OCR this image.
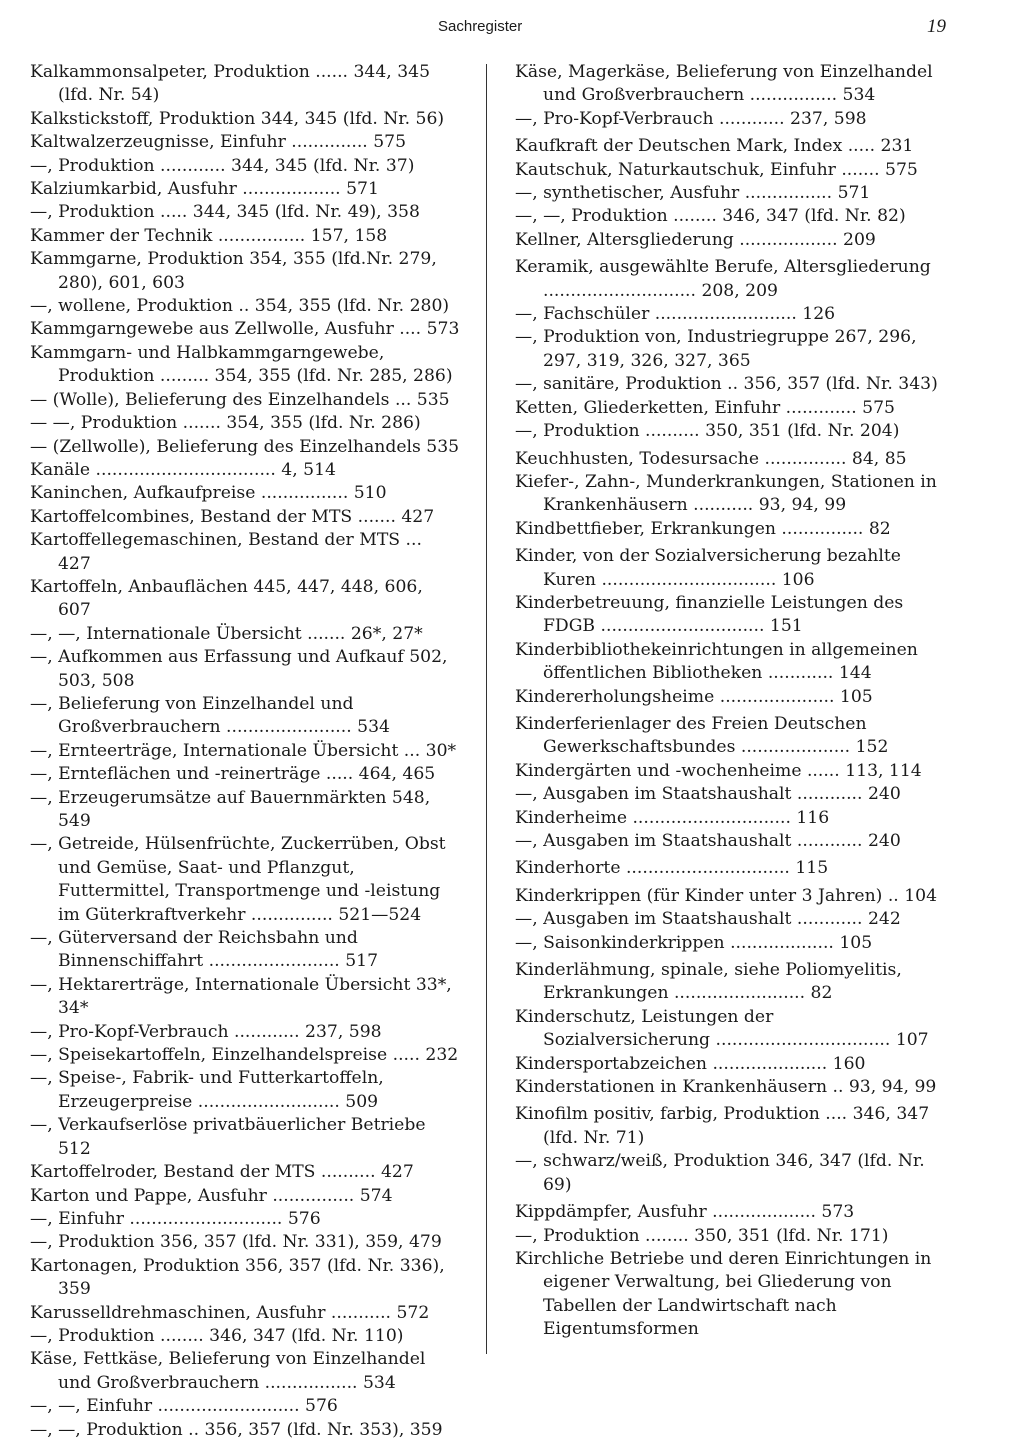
Sachregister	19

Kalkammonsalpeter, Produktion ...... 344, 345 (lfd. Nr. 54)

Kalkstickstoff, Produktion 344, 345 (lfd. Nr. 56)

Kaltwalzerzeugnisse, Einfuhr .............. 575

—, Produktion ............ 344, 345 (lfd. Nr. 37)

Kalziumkarbid, Ausfuhr .................. 571

—, Produktion ..... 344, 345 (lfd. Nr. 49), 358

Kammer der Technik ................ 157, 158

Kammgarne, Produktion 354, 355 (lfd.Nr. 279, 280), 601, 603

—, wollene, Produktion .. 354, 355 (lfd. Nr. 280)

Kammgarngewebe aus Zellwolle, Ausfuhr .... 573

Kammgarn- und Halbkammgarngewebe, Produktion ......... 354, 355 (lfd. Nr. 285, 286)

— (Wolle), Belieferung des Einzelhandels ... 535

— —, Produktion ....... 354, 355 (lfd. Nr. 286)

— (Zellwolle), Belieferung des Einzelhandels 535

Kanäle ................................. 4, 514

Kaninchen, Aufkaufpreise ................ 510

Kartoffelcombines, Bestand der MTS ....... 427

Kartoffellegemaschinen, Bestand der MTS ... 427

Kartoffeln, Anbauflächen 445, 447, 448, 606, 607

—, —, Internationale Übersicht ....... 26*, 27*

—, Aufkommen aus Erfassung und Aufkauf 502, 503, 508

—, Belieferung von Einzelhandel und Großverbrauchern ....................... 534

—, Ernteerträge, Internationale Übersicht ... 30*

—, Ernteflächen und -reinerträge ..... 464, 465

—, Erzeugerumsätze auf Bauernmärkten 548, 549

—, Getreide, Hülsenfrüchte, Zuckerrüben, Obst und Gemüse, Saat- und Pflanzgut, Futtermittel, Transportmenge und -leistung im Güterkraftverkehr ............... 521—524

—, Güterversand der Reichsbahn und Binnenschiffahrt ........................ 517

—, Hektarerträge, Internationale Übersicht 33*, 34*

—, Pro-Kopf-Verbrauch ............ 237, 598

—, Speisekartoffeln, Einzelhandelspreise ..... 232

—, Speise-, Fabrik- und Futterkartoffeln, Erzeugerpreise .......................... 509

—, Verkaufserlöse privatbäuerlicher Betriebe 512

Kartoffelroder, Bestand der MTS .......... 427

Karton und Pappe, Ausfuhr ............... 574

—, Einfuhr ............................ 576

—, Produktion 356, 357 (lfd. Nr. 331), 359, 479

Kartonagen, Produktion 356, 357 (lfd. Nr. 336), 359

Karusselldrehmaschinen, Ausfuhr ........... 572

—, Produktion ........ 346, 347 (lfd. Nr. 110)

Käse, Fettkäse, Belieferung von Einzelhandel und Großverbrauchern ................. 534

—, —, Einfuhr .......................... 576

—, —, Produktion .. 356, 357 (lfd. Nr. 353), 359

Käse, Magerkäse, Belieferung von Einzelhandel und Großverbrauchern ................ 534

—, Pro-Kopf-Verbrauch ............ 237, 598

Kaufkraft der Deutschen Mark, Index ..... 231

Kautschuk, Naturkautschuk, Einfuhr ....... 575

—, synthetischer, Ausfuhr ................ 571

—, —, Produktion ........ 346, 347 (lfd. Nr. 82)

Kellner, Altersgliederung .................. 209

Keramik, ausgewählte Berufe, Altersgliederung ............................ 208, 209

—, Fachschüler .......................... 126

—, Produktion von, Industriegruppe 267, 296, 297, 319, 326, 327, 365

—, sanitäre, Produktion .. 356, 357 (lfd. Nr. 343)

Ketten, Gliederketten, Einfuhr ............. 575

—, Produktion .......... 350, 351 (lfd. Nr. 204)

Keuchhusten, Todesursache ............... 84, 85

Kiefer-, Zahn-, Munderkrankungen, Stationen in Krankenhäusern ........... 93, 94, 99

Kindbettfieber, Erkrankungen ............... 82

Kinder, von der Sozialversicherung bezahlte Kuren ................................ 106

Kinderbetreuung, finanzielle Leistungen des FDGB .............................. 151

Kinderbibliothekeinrichtungen in allgemeinen öffentlichen Bibliotheken ............ 144

Kindererholungsheime ..................... 105

Kinderferienlager des Freien Deutschen Gewerkschaftsbundes .................... 152

Kindergärten und -wochenheime ...... 113, 114

—, Ausgaben im Staatshaushalt ............ 240

Kinderheime ............................. 116

—, Ausgaben im Staatshaushalt ............ 240

Kinderhorte .............................. 115

Kinderkrippen (für Kinder unter 3 Jahren) .. 104

—, Ausgaben im Staatshaushalt ............ 242

—, Saisonkinderkrippen ................... 105

Kinderlähmung, spinale, siehe Poliomyelitis, Erkrankungen ........................ 82

Kinderschutz, Leistungen der Sozialversicherung ................................ 107

Kindersportabzeichen ..................... 160

Kinderstationen in Krankenhäusern .. 93, 94, 99

Kinofilm positiv, farbig, Produktion .... 346, 347 (lfd. Nr. 71)

—, schwarz/weiß, Produktion 346, 347 (lfd. Nr. 69)

Kippdämpfer, Ausfuhr ................... 573

—, Produktion ........ 350, 351 (lfd. Nr. 171)

Kirchliche Betriebe und deren Einrichtungen in eigener Verwaltung, bei Gliederung von Tabellen der Landwirtschaft nach Eigentumsformen
